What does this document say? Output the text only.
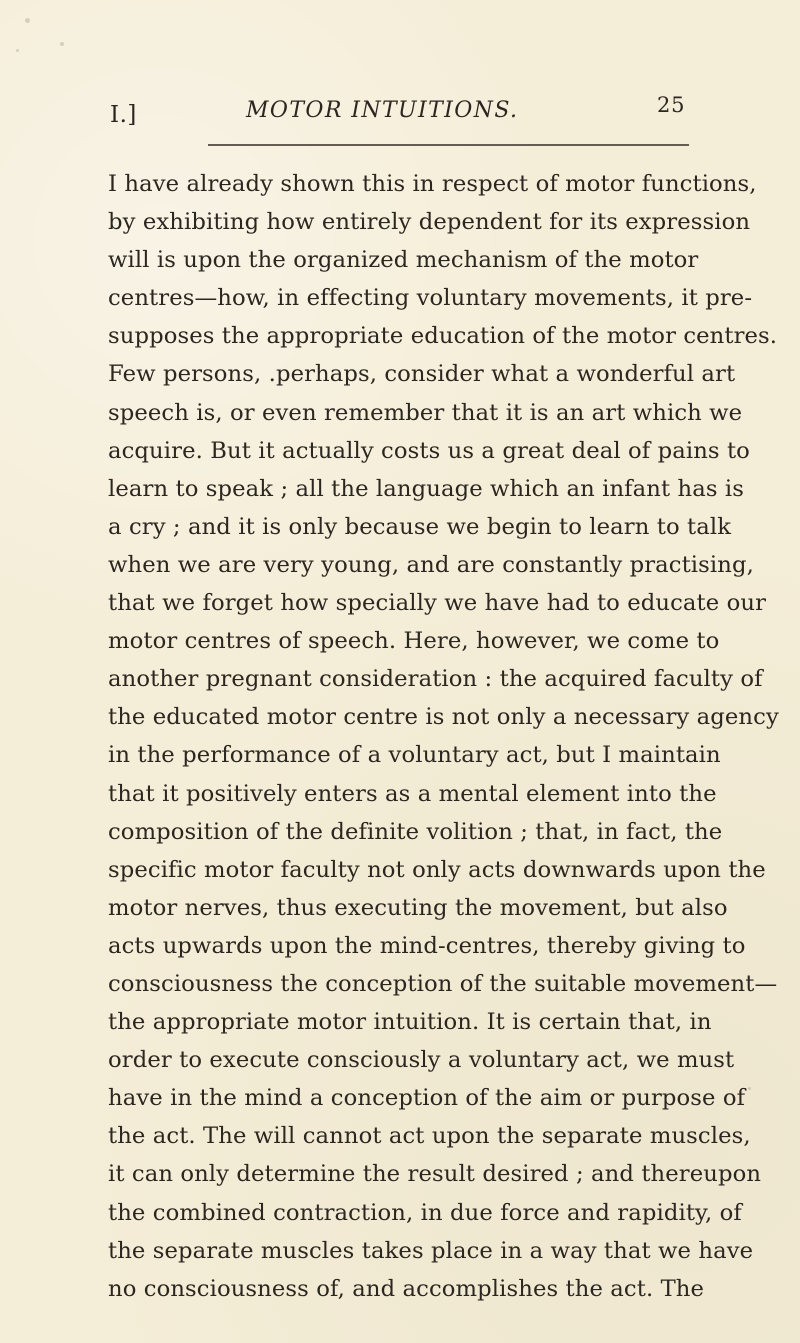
I.]	MOTOR INTUITIONS.	25
I have already shown this in respect of motor functions,
by exhibiting how entirely dependent for its expression
will is upon the organized mechanism of the motor
centres—how, in effecting voluntary movements, it pre-
supposes the appropriate education of the motor centres.
Few persons, .perhaps, consider what a wonderful art
speech is, or even remember that it is an art which we
acquire. But it actually costs us a great deal of pains to
learn to speak ; all the language which an infant has is
a cry ; and it is only because we begin to learn to talk
when we are very young, and are constantly practising,
that we forget how specially we have had to educate our
motor centres of speech. Here, however, we come to
another pregnant consideration : the acquired faculty of
the educated motor centre is not only a necessary agency
in the performance of a voluntary act, but I maintain
that it positively enters as a mental element into the
composition of the definite volition ; that, in fact, the
specific motor faculty not only acts downwards upon the
motor nerves, thus executing the movement, but also
acts upwards upon the mind-centres, thereby giving to
consciousness the conception of the suitable movement—
the appropriate motor intuition. It is certain that, in
order to execute consciously a voluntary act, we must
have in the mind a conception of the aim or purpose of
the act. The will cannot act upon the separate muscles,
it can only determine the result desired ; and thereupon
the combined contraction, in due force and rapidity, of
the separate muscles takes place in a way that we have
no consciousness of, and accomplishes the act. The
